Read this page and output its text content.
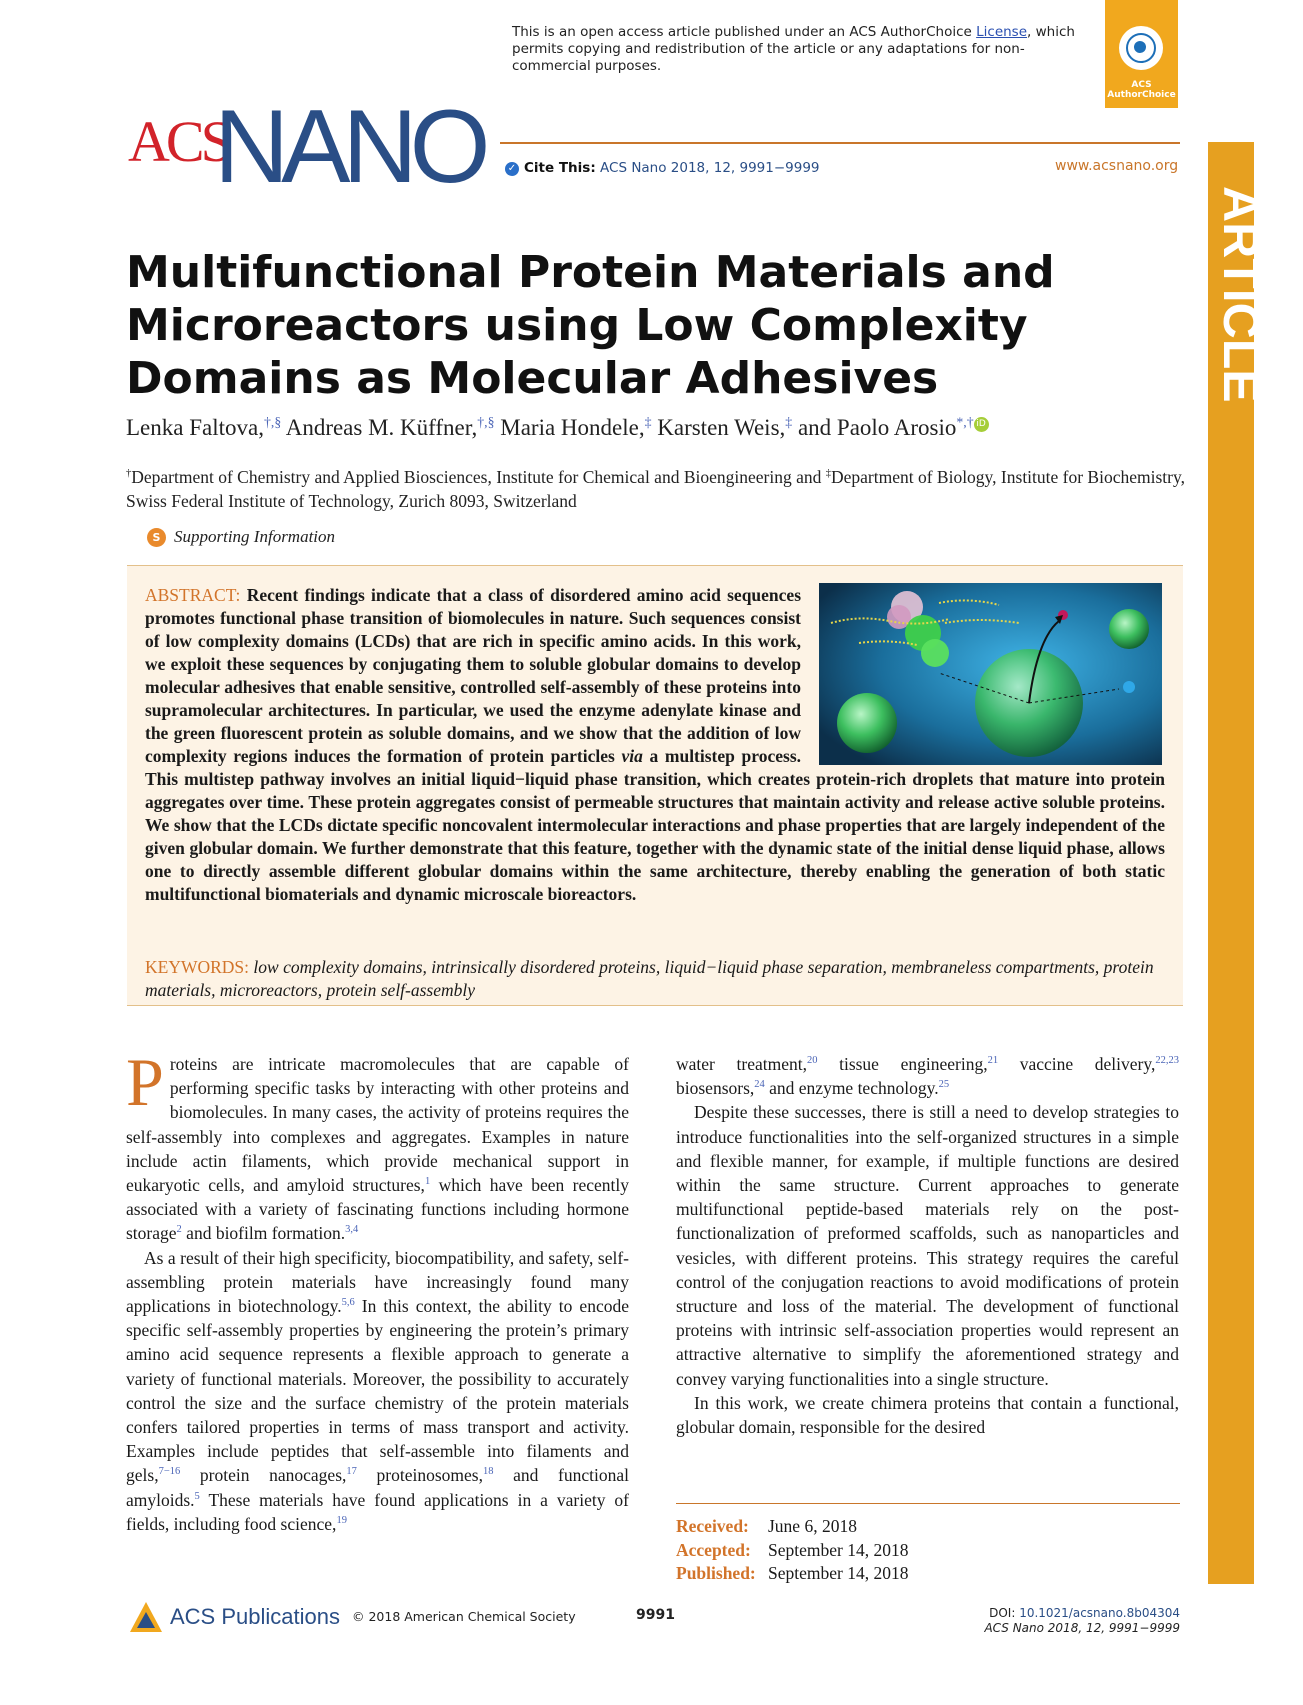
This is an open access article published under an ACS AuthorChoice License, which permits copying and redistribution of the article or any adaptations for non-commercial purposes.
ACS AuthorChoice
ACS
NANO	✓ Cite This: ACS Nano 2018, 12, 9991−9999	www.acsnano.org
ARTICLE
Multifunctional Protein Materials and Microreactors using Low Complexity Domains as Molecular Adhesives
Lenka Faltova,†,§ Andreas M. Küffner,†,§ Maria Hondele,‡ Karsten Weis,‡ and Paolo Arosio*,† iD
†Department of Chemistry and Applied Biosciences, Institute for Chemical and Bioengineering and ‡Department of Biology, Institute for Biochemistry, Swiss Federal Institute of Technology, Zurich 8093, Switzerland
S Supporting Information
ABSTRACT: Recent findings indicate that a class of disordered amino acid sequences promotes functional phase transition of biomolecules in nature. Such sequences consist of low complexity domains (LCDs) that are rich in specific amino acids. In this work, we exploit these sequences by conjugating them to soluble globular domains to develop molecular adhesives that enable sensitive, controlled self-assembly of these proteins into supramolecular architectures. In particular, we used the enzyme adenylate kinase and the green fluorescent protein as soluble domains, and we show that the addition of low complexity regions induces the formation of protein particles via a multistep process. This multistep pathway involves an initial liquid−liquid phase transition, which creates protein-rich droplets that mature into protein aggregates over time. These protein aggregates consist of permeable structures that maintain activity and release active soluble proteins. We show that the LCDs dictate specific noncovalent intermolecular interactions and phase properties that are largely independent of the given globular domain. We further demonstrate that this feature, together with the dynamic state of the initial dense liquid phase, allows one to directly assemble different globular domains within the same architecture, thereby enabling the generation of both static multifunctional biomaterials and dynamic microscale bioreactors.
KEYWORDS: low complexity domains, intrinsically disordered proteins, liquid−liquid phase separation, membraneless compartments, protein materials, microreactors, protein self-assembly

Proteins are intricate macromolecules that are capable of performing specific tasks by interacting with other proteins and biomolecules. In many cases, the activity of proteins requires the self-assembly into complexes and aggregates. Examples in nature include actin filaments, which provide mechanical support in eukaryotic cells, and amyloid structures,$^1$ which have been recently associated with a variety of fascinating functions including hormone storage$^2$ and biofilm formation.$^{3,4}$

As a result of their high specificity, biocompatibility, and safety, self-assembling protein materials have increasingly found many applications in biotechnology.$^{5,6}$ In this context, the ability to encode specific self-assembly properties by engineering the protein’s primary amino acid sequence represents a flexible approach to generate a variety of functional materials. Moreover, the possibility to accurately control the size and the surface chemistry of the protein materials confers tailored properties in terms of mass transport and activity. Examples include peptides that self-assemble into filaments and gels,$^{7-16}$ protein nanocages,$^{17}$ proteinosomes,$^{18}$ and functional amyloids.$^5$ These materials have found applications in a variety of fields, including food science,$^{19}$

water treatment,$^{20}$ tissue engineering,$^{21}$ vaccine delivery,$^{22,23}$ biosensors,$^{24}$ and enzyme technology.$^{25}$

Despite these successes, there is still a need to develop strategies to introduce functionalities into the self-organized structures in a simple and flexible manner, for example, if multiple functions are desired within the same structure. Current approaches to generate multifunctional peptide-based materials rely on the post-functionalization of preformed scaffolds, such as nanoparticles and vesicles, with different proteins. This strategy requires the careful control of the conjugation reactions to avoid modifications of protein structure and loss of the material. The development of functional proteins with intrinsic self-association properties would represent an attractive alternative to simplify the aforementioned strategy and convey varying functionalities into a single structure.

In this work, we create chimera proteins that contain a functional, globular domain, responsible for the desired

Received: June 6, 2018
Accepted: September 14, 2018
Published: September 14, 2018
ACS Publications © 2018 American Chemical Society	9991	DOI: 10.1021/acsnano.8b04304
ACS Nano 2018, 12, 9991−9999
